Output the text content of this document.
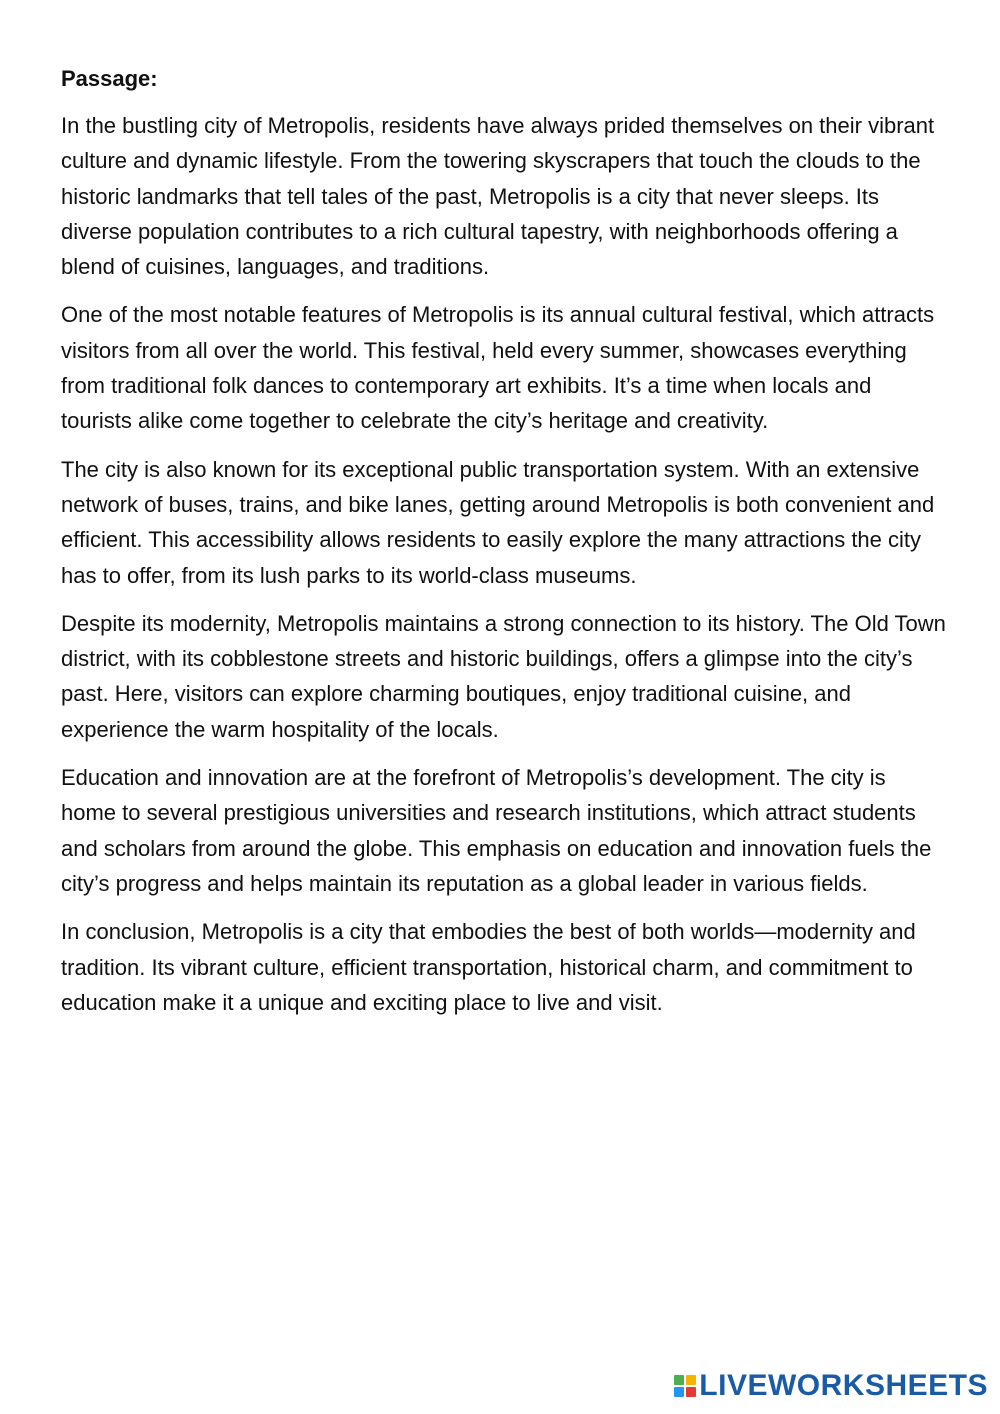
Passage:

In the bustling city of Metropolis, residents have always prided themselves on their vibrant culture and dynamic lifestyle. From the towering skyscrapers that touch the clouds to the historic landmarks that tell tales of the past, Metropolis is a city that never sleeps. Its diverse population contributes to a rich cultural tapestry, with neighborhoods offering a blend of cuisines, languages, and traditions.

One of the most notable features of Metropolis is its annual cultural festival, which attracts visitors from all over the world. This festival, held every summer, showcases everything from traditional folk dances to contemporary art exhibits. It’s a time when locals and tourists alike come together to celebrate the city’s heritage and creativity.

The city is also known for its exceptional public transportation system. With an extensive network of buses, trains, and bike lanes, getting around Metropolis is both convenient and efficient. This accessibility allows residents to easily explore the many attractions the city has to offer, from its lush parks to its world-class museums.

Despite its modernity, Metropolis maintains a strong connection to its history. The Old Town district, with its cobblestone streets and historic buildings, offers a glimpse into the city’s past. Here, visitors can explore charming boutiques, enjoy traditional cuisine, and experience the warm hospitality of the locals.

Education and innovation are at the forefront of Metropolis’s development. The city is home to several prestigious universities and research institutions, which attract students and scholars from around the globe. This emphasis on education and innovation fuels the city’s progress and helps maintain its reputation as a global leader in various fields.

In conclusion, Metropolis is a city that embodies the best of both worlds—modernity and tradition. Its vibrant culture, efficient transportation, historical charm, and commitment to education make it a unique and exciting place to live and visit.

LIVEWORKSHEETS
